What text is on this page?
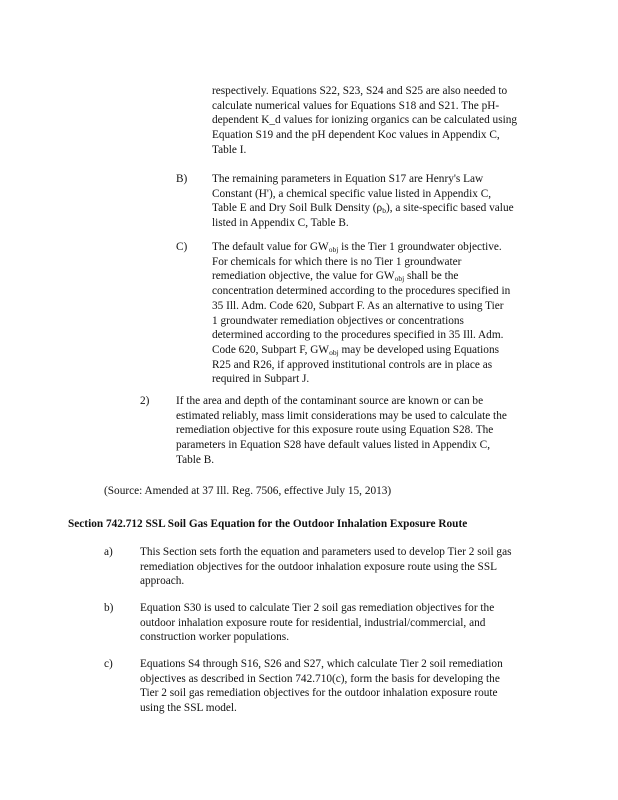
respectively. Equations S22, S23, S24 and S25 are also needed to
calculate numerical values for Equations S18 and S21. The pH-
dependent K_d values for ionizing organics can be calculated using
Equation S19 and the pH dependent Koc values in Appendix C,
Table I.
B) The remaining parameters in Equation S17 are Henry's Law
Constant (H'), a chemical specific value listed in Appendix C,
Table E and Dry Soil Bulk Density $(\rho_b)$, a site-specific based value
listed in Appendix C, Table B.
C) The default value for $GW_{obj}$ is the Tier 1 groundwater objective.
For chemicals for which there is no Tier 1 groundwater
remediation objective, the value for $GW_{obj}$ shall be the
concentration determined according to the procedures specified in
35 Ill. Adm. Code 620, Subpart F. As an alternative to using Tier
1 groundwater remediation objectives or concentrations
determined according to the procedures specified in 35 Ill. Adm.
Code 620, Subpart F, $GW_{obj}$ may be developed using Equations
R25 and R26, if approved institutional controls are in place as
required in Subpart J.
2) If the area and depth of the contaminant source are known or can be
estimated reliably, mass limit considerations may be used to calculate the
remediation objective for this exposure route using Equation S28. The
parameters in Equation S28 have default values listed in Appendix C,
Table B.
(Source: Amended at 37 Ill. Reg. 7506, effective July 15, 2013)
Section 742.712 SSL Soil Gas Equation for the Outdoor Inhalation Exposure Route
a) This Section sets forth the equation and parameters used to develop Tier 2 soil gas
remediation objectives for the outdoor inhalation exposure route using the SSL
approach.
b) Equation S30 is used to calculate Tier 2 soil gas remediation objectives for the
outdoor inhalation exposure route for residential, industrial/commercial, and
construction worker populations.
c) Equations S4 through S16, S26 and S27, which calculate Tier 2 soil remediation
objectives as described in Section 742.710(c), form the basis for developing the
Tier 2 soil gas remediation objectives for the outdoor inhalation exposure route
using the SSL model.
